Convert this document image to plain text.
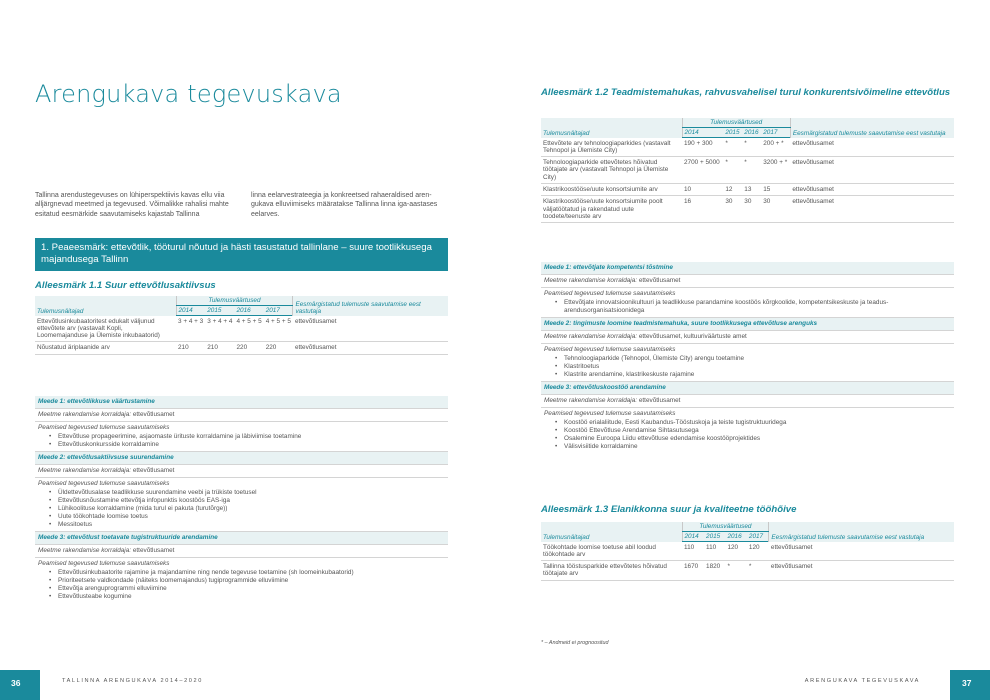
Arengukava tegevuskava

Tallinna arendustegevuses on lühiperspektiivis kavas ellu viia alljärgnevad meetmed ja tegevused. Võimalikke rahalisi mahte esitatud eesmärkide saavutamiseks kajastab Tallinna

linna eelarvestrateegia ja konkreetsed rahaeraldised arengukava elluviimiseks määratakse Tallinna linna iga-aastases eelarves.

1. Peaeesmärk: ettevõtlik, tööturul nõutud ja hästi tasustatud tallinlane – suure tootlikkusega majandusega Tallinn
Alleesmärk 1.1 Suur ettevõtlusaktiivsus
Tulemusnäitajad	Tulemusväärtused				Eesmärgistatud tulemuste saavutamise eest vastutaja
	2014	2015	2016	2017	
Ettevõtlusinkubaatoritest edukalt väljunud ettevõtete arv (vastavalt Kopli, Loomemajanduse ja Ülemiste inkubaatorid)	3 + 4 + 3	3 + 4 + 4	4 + 5 + 5	4 + 5 + 5	ettevõtlusamet
Nõustatud äriplaanide arv	210	210	220	220	ettevõtlusamet
Meede 1: ettevõtlikkuse väärtustamine
Meetme rakendamise korraldaja: ettevõtlusamet
Peamised tegevused tulemuse saavutamiseks
• Ettevõtluse propageerimine, asjaomaste ürituste korraldamine ja läbiviimise toetamine
• Ettevõtluskonkursside korraldamine
Meede 2: ettevõtlusaktiivsuse suurendamine
Meetme rakendamise korraldaja: ettevõtlusamet
Peamised tegevused tulemuse saavutamiseks
• Üldettevõtlusalase teadlikkuse suurendamine veebi ja trükiste toetusel
• Ettevõtlusnõustamine ettevõtja infopunktis koostöös EAS-iga
• Lühikoolituse korraldamine (mida turul ei pakuta (turutõrge))
• Uute töökohtade loomise toetus
• Messitoetus
Meede 3: ettevõtlust toetavate tugistruktuuride arendamine
Meetme rakendamise korraldaja: ettevõtlusamet
Peamised tegevused tulemuse saavutamiseks
• Ettevõtlusinkubaatorite rajamine ja majandamine ning nende tegevuse toetamine (sh loomeinkubaatorid)
• Prioriteetsete valdkondade (näiteks loomemajandus) tugiprogrammide elluviimine
• Ettevõtja arenguprogrammi elluviimine
• Ettevõtlusteabe kogumine
36	TALLINNA ARENGUKAVA 2014–2020
Alleesmärk 1.2 Teadmistemahukas, rahvusvahelisel turul konkurentsivõimeline ettevõtlus
Tulemusnäitajad	Tulemusväärtused				Eesmärgistatud tulemuste saavutamise eest vastutaja
	2014	2015	2016	2017	
Ettevõtete arv tehnoloogiaparkides (vastavalt Tehnopol ja Ülemiste City)	190 + 300	*	*	200 + *	ettevõtlusamet
Tehnoloogiaparkide ettevõtetes hõivatud töötajate arv (vastavalt Tehnopol ja Ülemiste City)	2700 + 5000	*	*	3200 + *	ettevõtlusamet
Klastrikoostööse/uute konsortsiumite arv	10	12	13	15	ettevõtlusamet
Klastrikoostööse/uute konsortsiumite poolt väljatöötatud ja rakendatud uute toodete/teenuste arv	16	30	30	30	ettevõtlusamet
Meede 1: ettevõtjate kompetentsi tõstmine
Meetme rakendamise korraldaja: ettevõtlusamet
Peamised tegevused tulemuse saavutamiseks
• Ettevõtjate innovatsioonikultuuri ja teadlikkuse parandamine koostöös kõrgkoolide, kompetentsikeskuste ja teadus-arendusorganisatsioonidega
Meede 2: tingimuste loomine teadmistemahuka, suure tootlikkusega ettevõtluse arenguks
Meetme rakendamise korraldaja: ettevõtlusamet, kultuuriväärtuste amet
Peamised tegevused tulemuse saavutamiseks
• Tehnoloogiaparkide (Tehnopol, Ülemiste City) arengu toetamine
• Klastritoetus
• Klastrite arendamine, klastrikeskuste rajamine
Meede 3: ettevõtluskoostöö arendamine
Meetme rakendamise korraldaja: ettevõtlusamet
Peamised tegevused tulemuse saavutamiseks
• Koostöö erialaliitude, Eesti Kaubandus-Tööstuskoja ja teiste tugistruktuuridega
• Koostöö Ettevõtluse Arendamise Sihtasutusega
• Osalemine Euroopa Liidu ettevõtluse edendamise koostööprojektides
• Välisvisiitide korraldamine
Alleesmärk 1.3 Elanikkonna suur ja kvaliteetne tööhõive
Tulemusnäitajad	Tulemusväärtused				Eesmärgistatud tulemuste saavutamise eest vastutaja
	2014	2015	2016	2017	
Töökohtade loomise toetuse abil loodud töökohtade arv	110	110	120	120	ettevõtlusamet
Tallinna tööstusparkide ettevõtetes hõivatud töötajate arv	1670	1820	*	*	ettevõtlusamet
* – Andmeid ei prognoositud
ARENGUKAVA TEGEVUSKAVA	37
